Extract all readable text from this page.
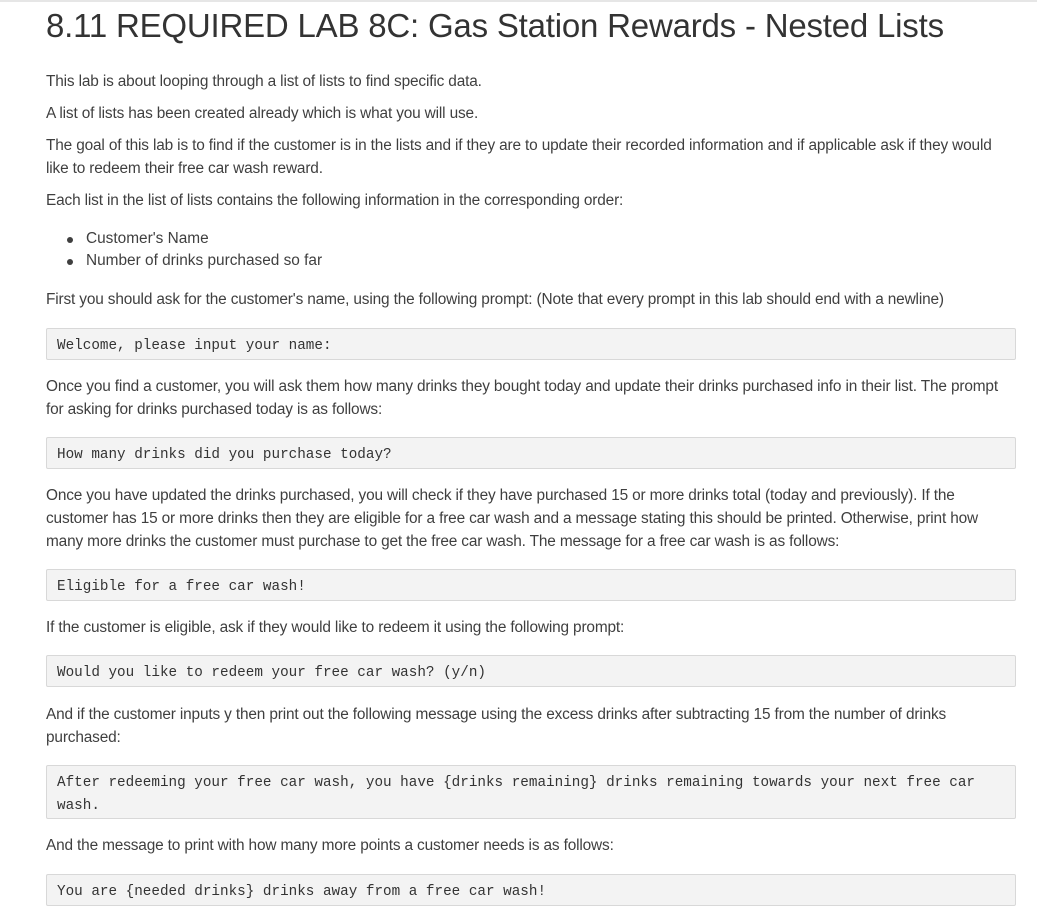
8.11 REQUIRED LAB 8C: Gas Station Rewards - Nested Lists

This lab is about looping through a list of lists to find specific data.

A list of lists has been created already which is what you will use.

The goal of this lab is to find if the customer is in the lists and if they are to update their recorded information and if applicable ask if they would like to redeem their free car wash reward.

Each list in the list of lists contains the following information in the corresponding order:

Customer's Name
Number of drinks purchased so far

First you should ask for the customer's name, using the following prompt: (Note that every prompt in this lab should end with a newline)

Welcome, please input your name:

Once you find a customer, you will ask them how many drinks they bought today and update their drinks purchased info in their list. The prompt for asking for drinks purchased today is as follows:

How many drinks did you purchase today?

Once you have updated the drinks purchased, you will check if they have purchased 15 or more drinks total (today and previously). If the customer has 15 or more drinks then they are eligible for a free car wash and a message stating this should be printed. Otherwise, print how many more drinks the customer must purchase to get the free car wash. The message for a free car wash is as follows:

Eligible for a free car wash!

If the customer is eligible, ask if they would like to redeem it using the following prompt:

Would you like to redeem your free car wash? (y/n)

And if the customer inputs y then print out the following message using the excess drinks after subtracting 15 from the number of drinks purchased:

After redeeming your free car wash, you have {drinks remaining} drinks remaining towards your next free car wash.

And the message to print with how many more points a customer needs is as follows:

You are {needed drinks} drinks away from a free car wash!
